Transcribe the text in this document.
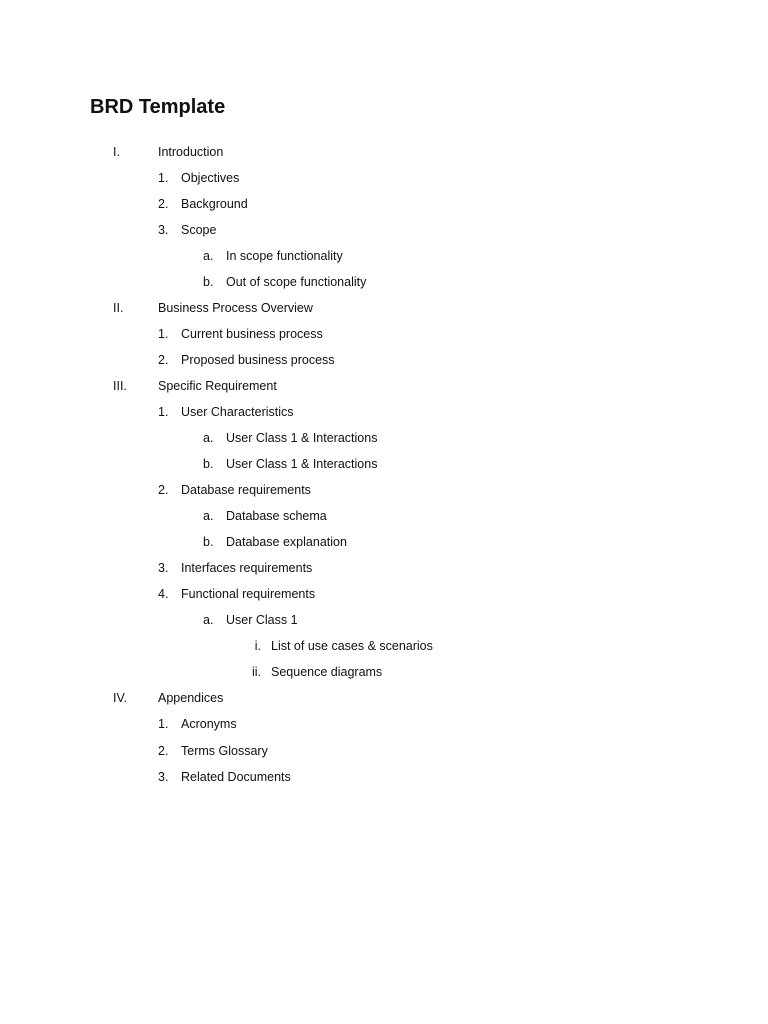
BRD Template
I.	Introduction
1. Objectives
2. Background
3. Scope
a. In scope functionality
b. Out of scope functionality
II.	Business Process Overview
1. Current business process
2. Proposed business process
III. Specific Requirement
1. User Characteristics
a. User Class 1 & Interactions
b. User Class 1 & Interactions
2. Database requirements
a. Database schema
b. Database explanation
3. Interfaces requirements
4. Functional requirements
a. User Class 1
i. List of use cases & scenarios
ii. Sequence diagrams
IV. Appendices
1. Acronyms
2. Terms Glossary
3. Related Documents
